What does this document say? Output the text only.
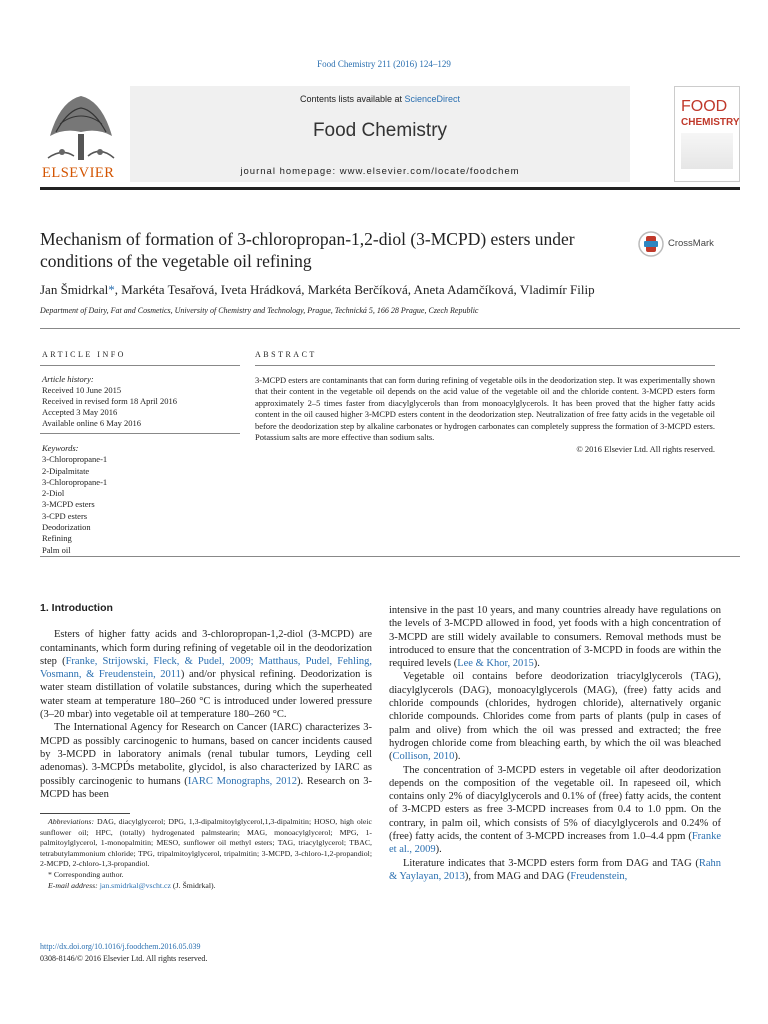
Food Chemistry 211 (2016) 124–129
ELSEVIER
Contents lists available at ScienceDirect
Food Chemistry
journal homepage: www.elsevier.com/locate/foodchem
FOOD
CHEMISTRY
Mechanism of formation of 3-chloropropan-1,2-diol (3-MCPD) esters under conditions of the vegetable oil refining
CrossMark
Jan Šmidrkal*, Markéta Tesařová, Iveta Hrádková, Markéta Berčíková, Aneta Adamčíková, Vladimír Filip
Department of Dairy, Fat and Cosmetics, University of Chemistry and Technology, Prague, Technická 5, 166 28 Prague, Czech Republic
ARTICLE INFO	ABSTRACT
Article history:
Received 10 June 2015
Received in revised form 18 April 2016
Accepted 3 May 2016
Available online 6 May 2016
Keywords:
3-Chloropropane-1
2-Dipalmitate
3-Chloropropane-1
2-Diol
3-MCPD esters
3-CPD esters
Deodorization
Refining
Palm oil

3-MCPD esters are contaminants that can form during refining of vegetable oils in the deodorization step. It was experimentally shown that their content in the vegetable oil depends on the acid value of the vegetable oil and the chloride content. 3-MCPD esters form approximately 2–5 times faster from diacylglycerols than from monoacylglycerols. It has been proved that the higher fatty acids content in the oil caused higher 3-MCPD esters content in the deodorization step. Neutralization of free fatty acids in the vegetable oil before the deodorization step by alkaline carbonates or hydrogen carbonates can completely suppress the formation of 3-MCPD esters. Potassium salts are more effective than sodium salts.

© 2016 Elsevier Ltd. All rights reserved.

1. Introduction

Esters of higher fatty acids and 3-chloropropan-1,2-diol (3-MCPD) are contaminants, which form during refining of vegetable oil in the deodorization step (Franke, Strijowski, Fleck, & Pudel, 2009; Matthaus, Pudel, Fehling, Vosmann, & Freudenstein, 2011) and/or physical refining. Deodorization is water steam distillation of volatile substances, during which the superheated water steam at temperature 180–260 °C is introduced under lowered pressure (3–20 mbar) into vegetable oil at temperature 180–260 °C.

The International Agency for Research on Cancer (IARC) characterizes 3-MCPD as possibly carcinogenic to humans, based on cancer incidents caused by 3-MCPD in laboratory animals (renal tubular tumors, Leyding cell adenomas). 3-MCPD́s metabolite, glycidol, is also characterized by IARC as possibly carcinogenic to humans (IARC Monographs, 2012). Research on 3-MCPD has been

Abbreviations: DAG, diacylglycerol; DPG, 1,3-dipalmitoylglycerol,1,3-dipalmitin; HOSO, high oleic sunflower oil; HPC, (totally) hydrogenated palmstearin; MAG, monoacylglycerol; MPG, 1-palmitoylglycerol, 1-monopalmitin; MESO, sunflower oil methyl esters; TAG, triacylglycerol; TBAC, tetrabutylammonium chloride; TPG, tripalmitoylglycerol, tripalmitin; 3-MCPD, 3-chloro-1,2-propandiol; 2-MCPD, 2-chloro-1,3-propandiol.

* Corresponding author.

E-mail address: jan.smidrkal@vscht.cz (J. Šmidrkal).

http://dx.doi.org/10.1016/j.foodchem.2016.05.039
0308-8146/© 2016 Elsevier Ltd. All rights reserved.

intensive in the past 10 years, and many countries already have regulations on the levels of 3-MCPD allowed in food, yet foods with a high concentration of 3-MCPD are still widely available to consumers. Removal methods must be introduced to ensure that the concentration of 3-MCPD in foods are within the required levels (Lee & Khor, 2015).

Vegetable oil contains before deodorization triacylglycerols (TAG), diacylglycerols (DAG), monoacylglycerols (MAG), (free) fatty acids and chloride compounds (chlorides, hydrogen chloride), alternatively organic chloride compounds. Chlorides come from parts of plants (pulp in cases of palm and olive) from which the oil was pressed and extracted; the free hydrogen chloride come from bleaching earth, by which the oil was bleached (Collison, 2010).

The concentration of 3-MCPD esters in vegetable oil after deodorization depends on the composition of the vegetable oil. In rapeseed oil, which contains only 2% of diacylglycerols and 0.1% of (free) fatty acids, the content of 3-MCPD esters as free 3-MCPD increases from 0.4 to 1.0 ppm. On the contrary, in palm oil, which consists of 5% of diacylglycerols and 0.24% of (free) fatty acids, the content of 3-MCPD increases from 1.0–4.4 ppm (Franke et al., 2009).

Literature indicates that 3-MCPD esters form from DAG and TAG (Rahn & Yaylayan, 2013), from MAG and DAG (Freudenstein,
